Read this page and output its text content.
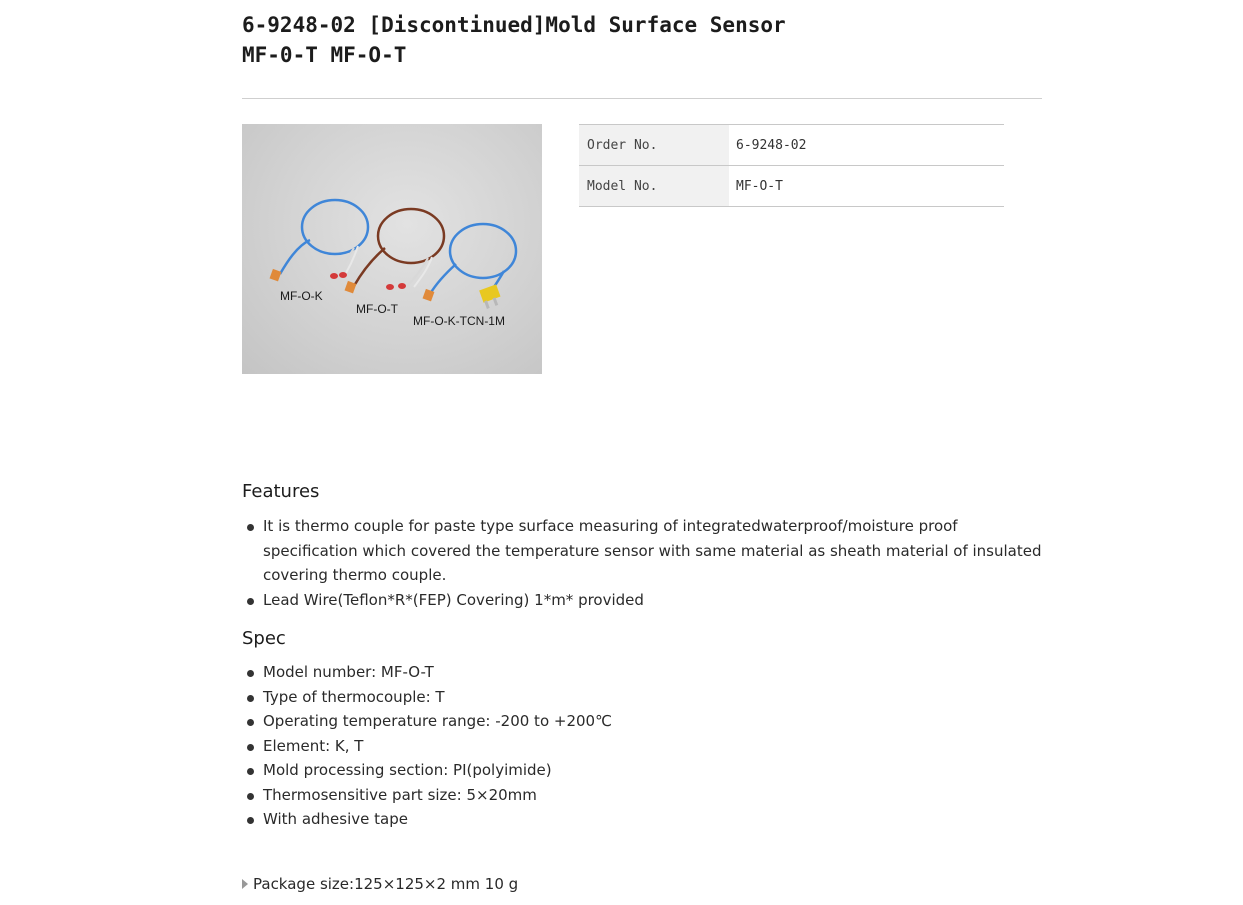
6-9248-02 [Discontinued]Mold Surface Sensor
MF-0-T MF-O-T
MF-O-K
MF-O-T
MF-O-K-TCN-1M
Order No.	6-9248-02
Model No.	MF-O-T
Features
It is thermo couple for paste type surface measuring of integratedwaterproof/moisture proof specification which covered the temperature sensor with same material as sheath material of insulated covering thermo couple.
Lead Wire(Teflon*R*(FEP) Covering) 1*m* provided
Spec
Model number: MF-O-T
Type of thermocouple: T
Operating temperature range: -200 to +200℃
Element: K, T
Mold processing section: PI(polyimide)
Thermosensitive part size: 5×20mm
With adhesive tape
Package size:125×125×2 mm 10 g
